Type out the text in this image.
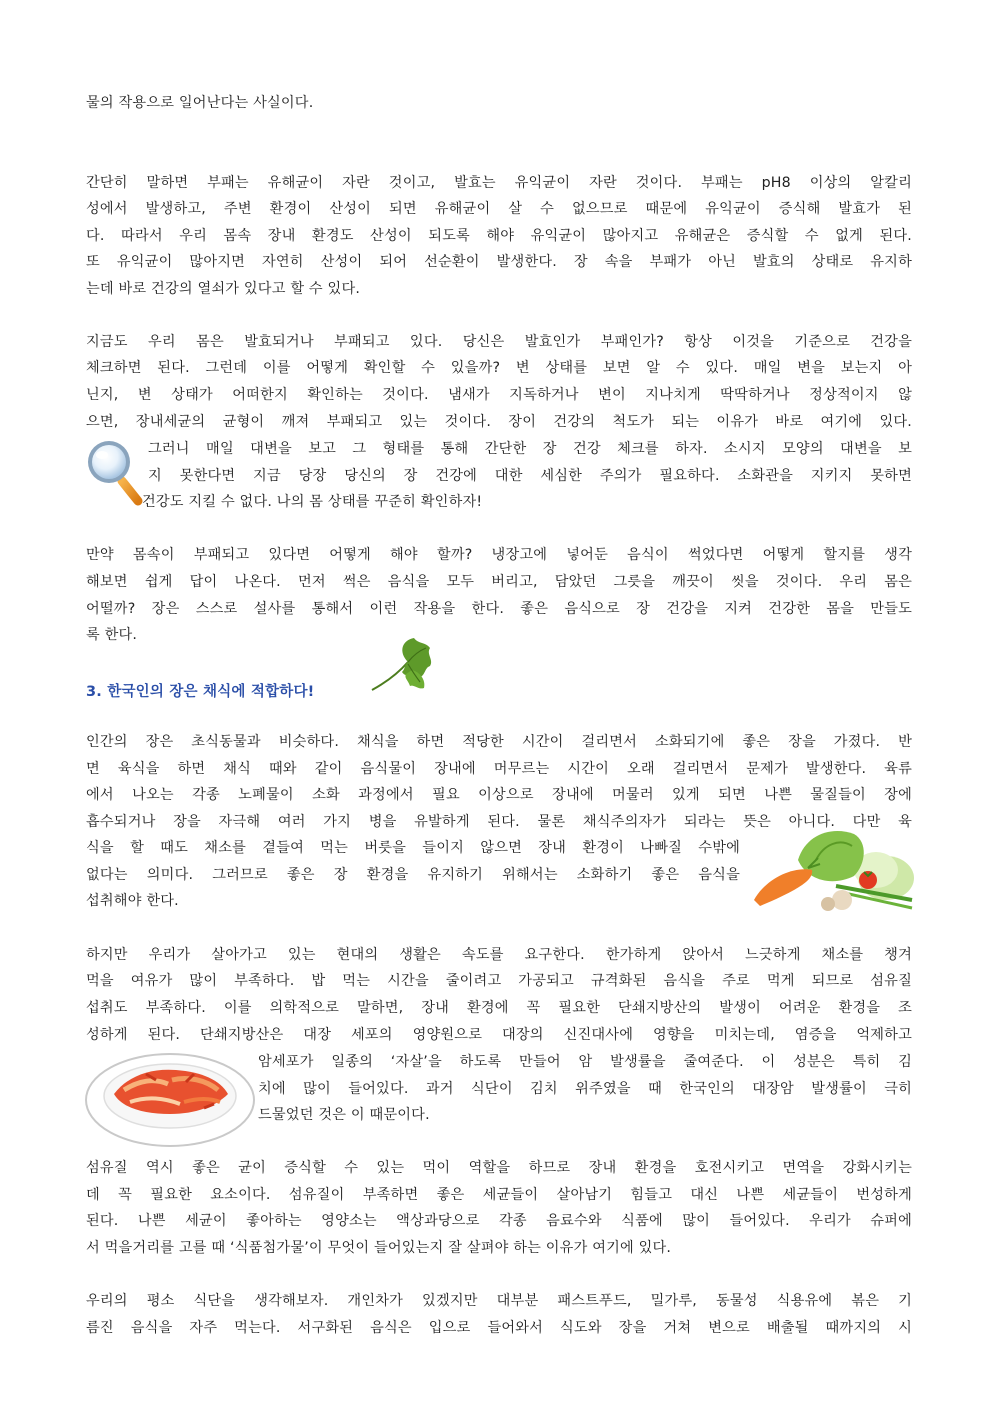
물의 작용으로 일어난다는 사실이다.
간단히 말하면 부패는 유해균이 자란 것이고, 발효는 유익균이 자란 것이다. 부패는 pH8 이상의 알칼리
성에서 발생하고, 주변 환경이 산성이 되면 유해균이 살 수 없으므로 때문에 유익균이 증식해 발효가 된
다. 따라서 우리 몸속 장내 환경도 산성이 되도록 해야 유익균이 많아지고 유해균은 증식할 수 없게 된다.
또 유익균이 많아지면 자연히 산성이 되어 선순환이 발생한다. 장 속을 부패가 아닌 발효의 상태로 유지하
는데 바로 건강의 열쇠가 있다고 할 수 있다.
지금도 우리 몸은 발효되거나 부패되고 있다. 당신은 발효인가 부패인가? 항상 이것을 기준으로 건강을
체크하면 된다. 그런데 이를 어떻게 확인할 수 있을까? 변 상태를 보면 알 수 있다. 매일 변을 보는지 아
닌지, 변 상태가 어떠한지 확인하는 것이다. 냄새가 지독하거나 변이 지나치게 딱딱하거나 정상적이지 않
으면, 장내세균의 균형이 깨져 부패되고 있는 것이다. 장이 건강의 척도가 되는 이유가 바로 여기에 있다.
그러니 매일 대변을 보고 그 형태를 통해 간단한 장 건강 체크를 하자. 소시지 모양의 대변을 보
지 못한다면 지금 당장 당신의 장 건강에 대한 세심한 주의가 필요하다. 소화관을 지키지 못하면
건강도 지킬 수 없다. 나의 몸 상태를 꾸준히 확인하자!
만약 몸속이 부패되고 있다면 어떻게 해야 할까? 냉장고에 넣어둔 음식이 썩었다면 어떻게 할지를 생각
해보면 쉽게 답이 나온다. 먼저 썩은 음식을 모두 버리고, 담았던 그릇을 깨끗이 씻을 것이다. 우리 몸은
어떨까? 장은 스스로 설사를 통해서 이런 작용을 한다. 좋은 음식으로 장 건강을 지켜 건강한 몸을 만들도
록 한다.
3. 한국인의 장은 채식에 적합하다!
인간의 장은 초식동물과 비슷하다. 채식을 하면 적당한 시간이 걸리면서 소화되기에 좋은 장을 가졌다. 반
면 육식을 하면 채식 때와 같이 음식물이 장내에 머무르는 시간이 오래 걸리면서 문제가 발생한다. 육류
에서 나오는 각종 노폐물이 소화 과정에서 필요 이상으로 장내에 머물러 있게 되면 나쁜 물질들이 장에
흡수되거나 장을 자극해 여러 가지 병을 유발하게 된다. 물론 채식주의자가 되라는 뜻은 아니다. 다만 육
식을 할 때도 채소를 곁들여 먹는 버릇을 들이지 않으면 장내 환경이 나빠질 수밖에
없다는 의미다. 그러므로 좋은 장 환경을 유지하기 위해서는 소화하기 좋은 음식을
섭취해야 한다.
하지만 우리가 살아가고 있는 현대의 생활은 속도를 요구한다. 한가하게 앉아서 느긋하게 채소를 챙겨
먹을 여유가 많이 부족하다. 밥 먹는 시간을 줄이려고 가공되고 규격화된 음식을 주로 먹게 되므로 섬유질
섭취도 부족하다. 이를 의학적으로 말하면, 장내 환경에 꼭 필요한 단쇄지방산의 발생이 어려운 환경을 조
성하게 된다. 단쇄지방산은 대장 세포의 영양원으로 대장의 신진대사에 영향을 미치는데, 염증을 억제하고
암세포가 일종의 ‘자살’을 하도록 만들어 암 발생률을 줄여준다. 이 성분은 특히 김
치에 많이 들어있다. 과거 식단이 김치 위주였을 때 한국인의 대장암 발생률이 극히
드물었던 것은 이 때문이다.
섬유질 역시 좋은 균이 증식할 수 있는 먹이 역할을 하므로 장내 환경을 호전시키고 면역을 강화시키는
데 꼭 필요한 요소이다. 섬유질이 부족하면 좋은 세균들이 살아남기 힘들고 대신 나쁜 세균들이 번성하게
된다. 나쁜 세균이 좋아하는 영양소는 액상과당으로 각종 음료수와 식품에 많이 들어있다. 우리가 슈퍼에
서 먹을거리를 고를 때 ‘식품첨가물’이 무엇이 들어있는지 잘 살펴야 하는 이유가 여기에 있다.
우리의 평소 식단을 생각해보자. 개인차가 있겠지만 대부분 패스트푸드, 밀가루, 동물성 식용유에 볶은 기
름진 음식을 자주 먹는다. 서구화된 음식은 입으로 들어와서 식도와 장을 거쳐 변으로 배출될 때까지의 시
